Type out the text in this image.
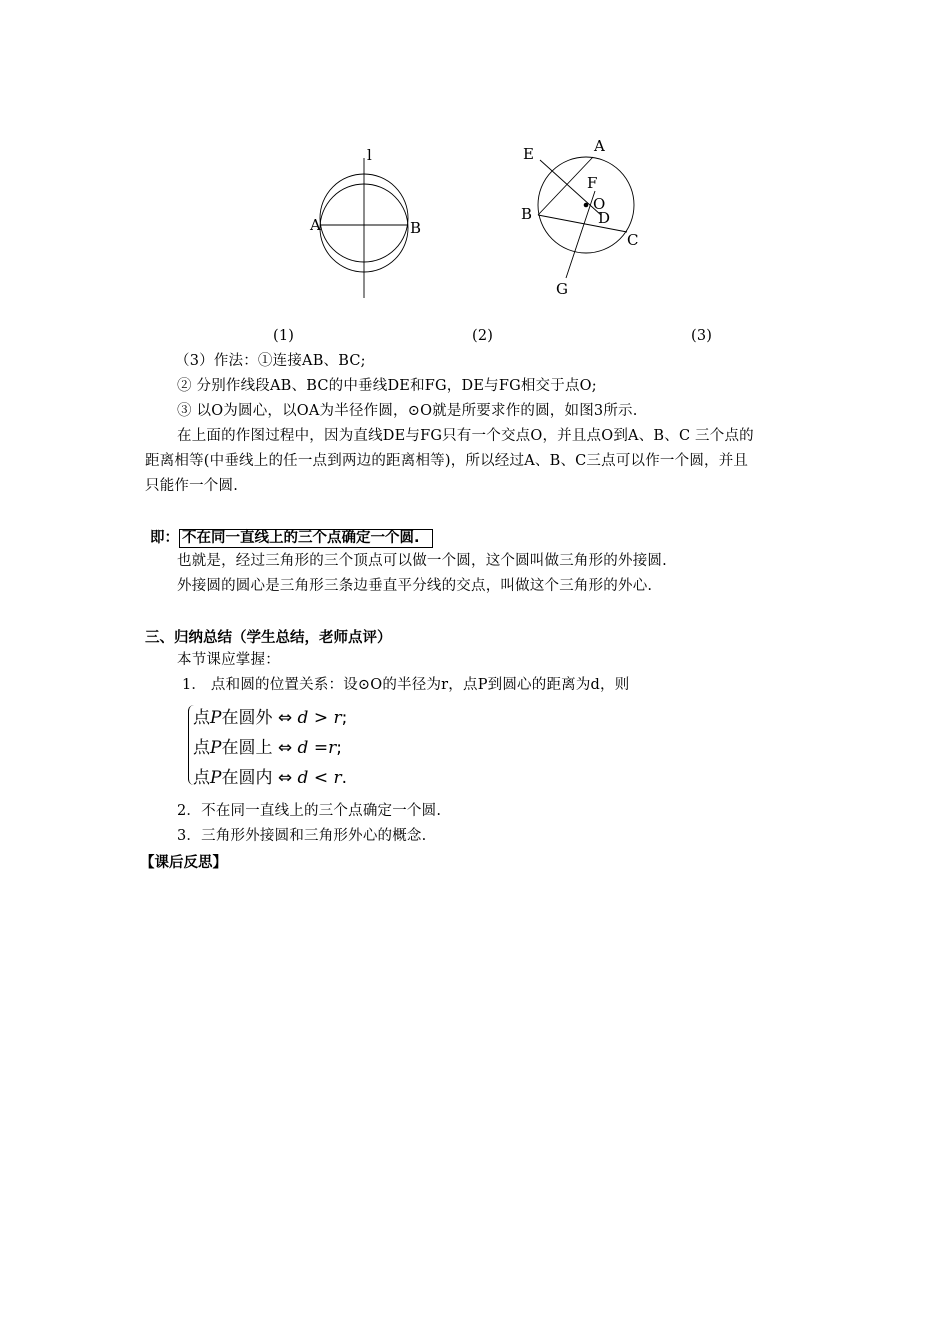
l
A	B
E	A
F
O
B	D
C
G
(1)	(2)	(3)
（3）作法：①连接AB、BC;
② 分别作线段AB、BC的中垂线DE和FG，DE与FG相交于点O;
③ 以O为圆心，以OA为半径作圆，⊙O就是所要求作的圆，如图3所示.
在上面的作图过程中，因为直线DE与FG只有一个交点O，并且点O到A、B、C 三个点的
距离相等(中垂线上的任一点到两边的距离相等)，所以经过A、B、C三点可以作一个圆，并且
只能作一个圆.
即： 不在同一直线上的三个点确定一个圆.
也就是，经过三角形的三个顶点可以做一个圆，这个圆叫做三角形的外接圆.
外接圆的圆心是三角形三条边垂直平分线的交点，叫做这个三角形的外心.
三、归纳总结（学生总结，老师点评）
本节课应掌握：
1． 点和圆的位置关系：设⊙O的半径为r，点P到圆心的距离为d，则
点P在圆外 ⇔ d > r;
点P在圆上 ⇔ d =r;
点P在圆内 ⇔ d < r.
2．不在同一直线上的三个点确定一个圆.
3．三角形外接圆和三角形外心的概念.
【课后反思】
